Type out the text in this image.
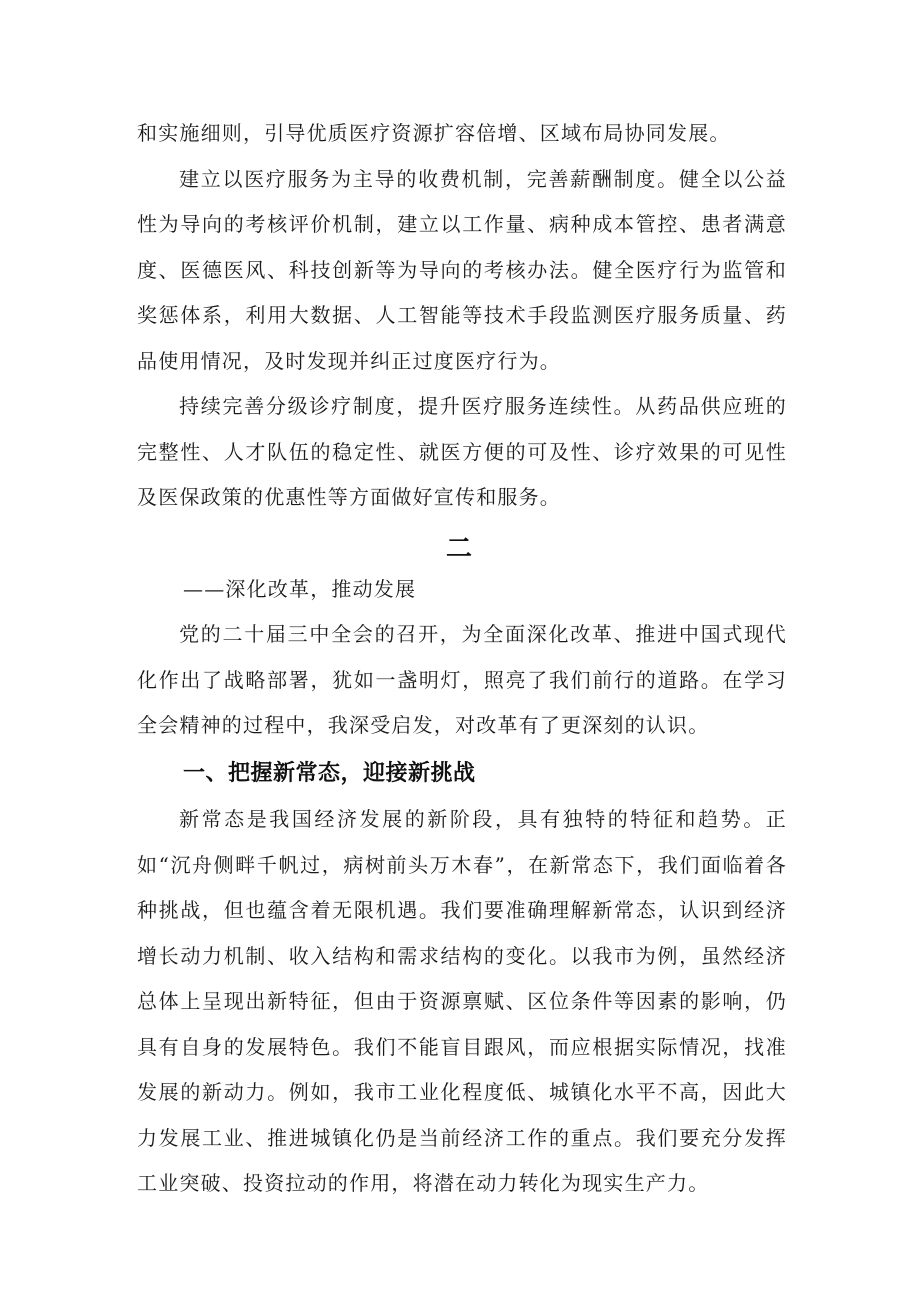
和实施细则，引导优质医疗资源扩容倍增、区域布局协同发展。

建立以医疗服务为主导的收费机制，完善薪酬制度。健全以公益性为导向的考核评价机制，建立以工作量、病种成本管控、患者满意度、医德医风、科技创新等为导向的考核办法。健全医疗行为监管和奖惩体系，利用大数据、人工智能等技术手段监测医疗服务质量、药品使用情况，及时发现并纠正过度医疗行为。

持续完善分级诊疗制度，提升医疗服务连续性。从药品供应班的完整性、人才队伍的稳定性、就医方便的可及性、诊疗效果的可见性及医保政策的优惠性等方面做好宣传和服务。

二
——深化改革，推动发展

党的二十届三中全会的召开，为全面深化改革、推进中国式现代化作出了战略部署，犹如一盏明灯，照亮了我们前行的道路。在学习全会精神的过程中，我深受启发，对改革有了更深刻的认识。

一、把握新常态，迎接新挑战

新常态是我国经济发展的新阶段，具有独特的特征和趋势。正如“沉舟侧畔千帆过，病树前头万木春”，在新常态下，我们面临着各种挑战，但也蕴含着无限机遇。我们要准确理解新常态，认识到经济增长动力机制、收入结构和需求结构的变化。以我市为例，虽然经济总体上呈现出新特征，但由于资源禀赋、区位条件等因素的影响，仍具有自身的发展特色。我们不能盲目跟风，而应根据实际情况，找准发展的新动力。例如，我市工业化程度低、城镇化水平不高，因此大力发展工业、推进城镇化仍是当前经济工作的重点。我们要充分发挥工业突破、投资拉动的作用，将潜在动力转化为现实生产力。
